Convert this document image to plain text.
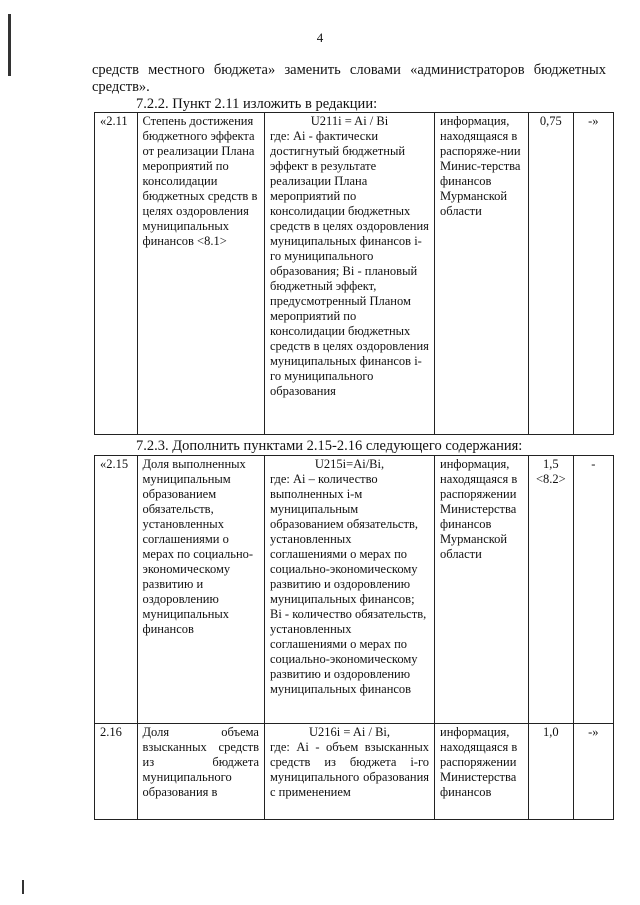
4
средств местного бюджета» заменить словами «администраторов бюджетных средств».
7.2.2. Пункт 2.11 изложить в редакции:
«2.11	Степень достижения бюджетного эффекта от реализации Плана мероприятий по консолидации бюджетных средств в целях оздоровления муниципальных финансов <8.1>	
U211i = Ai / Bi
где: Ai - фактически достигнутый бюджетный эффект в результате реализации Плана мероприятий по консолидации бюджетных средств в целях оздоровления муниципальных финансов i-го муниципального образования; Bi - плановый бюджетный эффект, предусмотренный Планом мероприятий по консолидации бюджетных средств в целях оздоровления муниципальных финансов i-го муниципального образования
	информация, находящаяся в распоряже-нии Минис-терства финансов Мурманской области	0,75	-»
7.2.3. Дополнить пунктами 2.15-2.16 следующего содержания:
«2.15	Доля выполненных муниципальным образованием обязательств, установленных соглашениями о мерах по социально-экономическому развитию и оздоровлению муниципальных финансов	U215i=Ai/Bi,
где: Ai – количество выполненных i-м муниципальным образованием обязательств, установленных соглашениями о мерах по социально-экономическому развитию и оздоровлению муниципальных финансов; Bi - количество обязательств, установленных соглашениями о мерах по социально-экономическому развитию и оздоровлению муниципальных финансов	информация, находящаяся в распоряжении Министерства финансов Мурманской области	1,5 <8.2>	-
2.16	Доля объема взысканных средств из бюджета муниципального образования в	U216i = Ai / Bi,
где: Ai - объем взысканных средств из бюджета i-го муниципального образования с применением	информация, находящаяся в распоряжении Министерства финансов	1,0	-»
